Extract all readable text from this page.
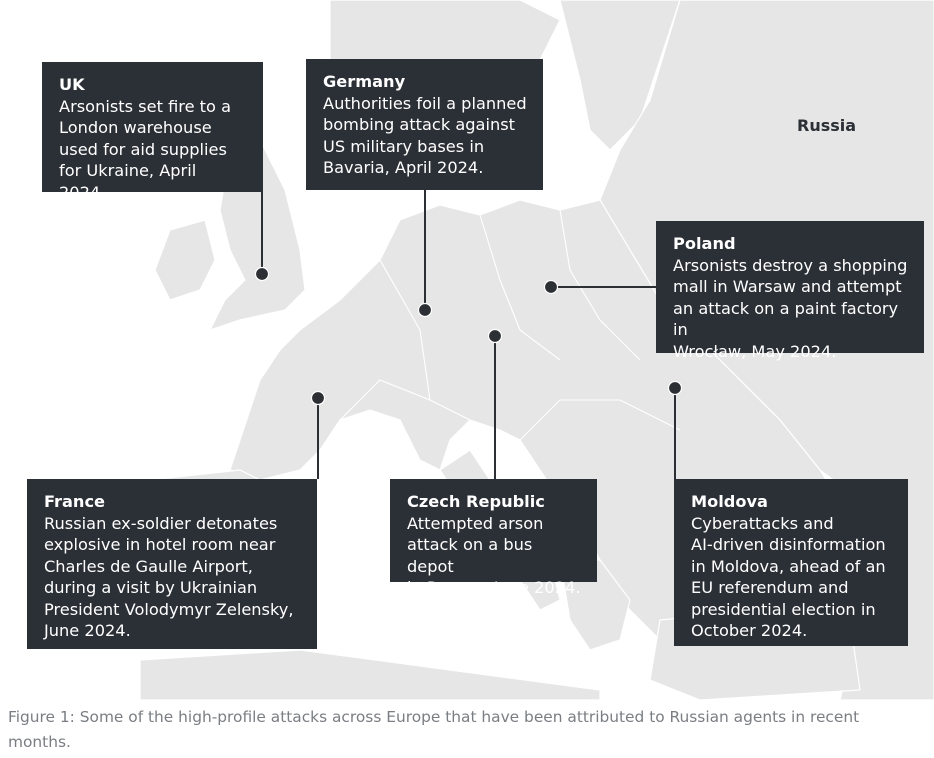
Russia
UK
Arsonists set fire to a
London warehouse
used for aid supplies
for Ukraine, April 2024.
Germany
Authorities foil a planned
bombing attack against
US military bases in
Bavaria, April 2024.
Poland
Arsonists destroy a shopping
mall in Warsaw and attempt
an attack on a paint factory in
Wrocław, May 2024.
France
Russian ex-soldier detonates
explosive in hotel room near
Charles de Gaulle Airport,
during a visit by Ukrainian
President Volodymyr Zelensky,
June 2024.
Czech Republic
Attempted arson
attack on a bus depot
in Prague, June 2024.
Moldova
Cyberattacks and
AI-driven disinformation
in Moldova, ahead of an
EU referendum and
presidential election in
October 2024.
Figure 1: Some of the high-profile attacks across Europe that have been attributed to Russian agents in recent months.
